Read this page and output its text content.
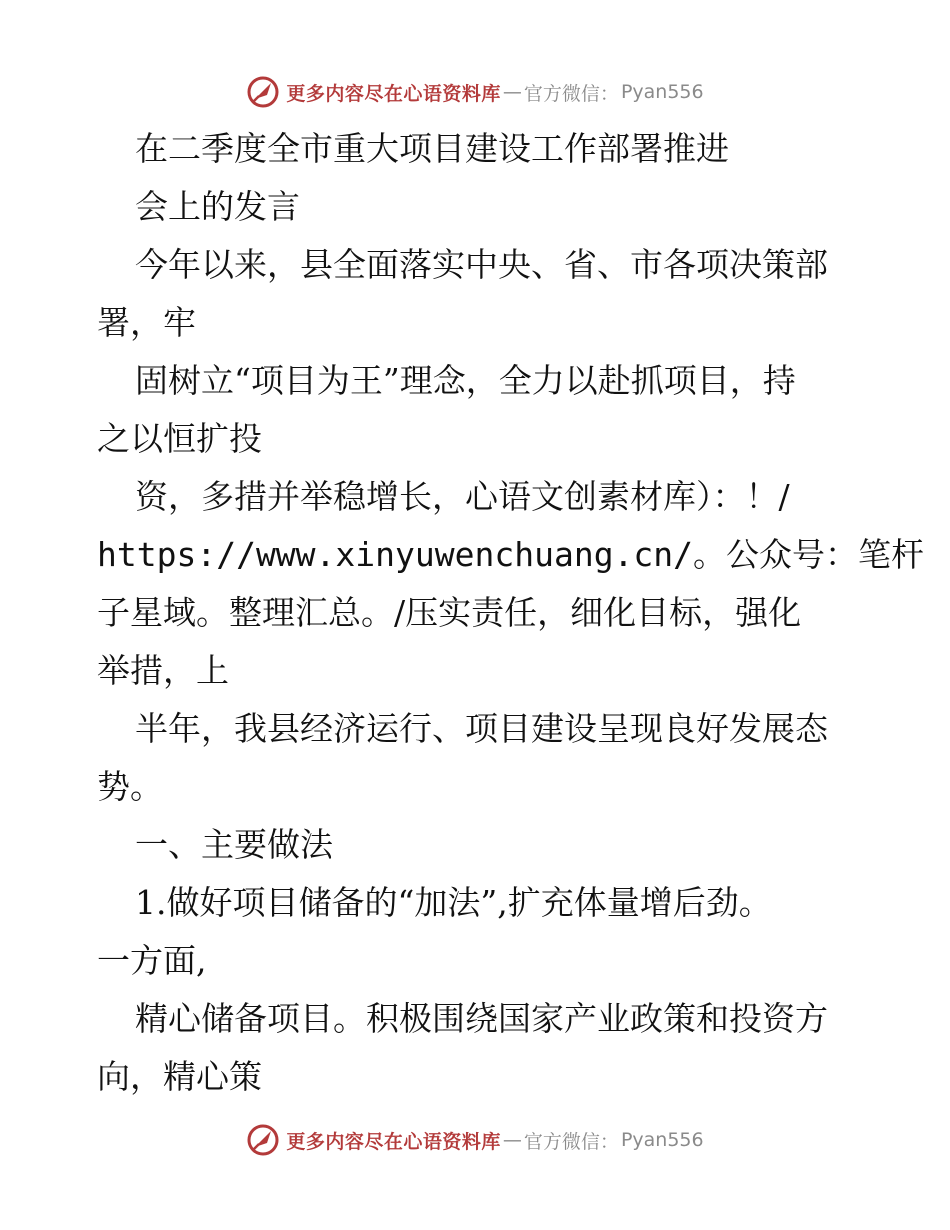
更多内容尽在心语资料库 — 官方微信： Pyan556
在二季度全市重大项目建设工作部署推进
会上的发言
今年以来，县全面落实中央、省、市各项决策部
署，牢
固树立“项目为王”理念，全力以赴抓项目，持
之以恒扩投
资，多措并举稳增长，心语文创素材库）：！/
https://www.xinyuwenchuang.cn/。公众号：笔杆
子星域。整理汇总。/压实责任，细化目标，强化
举措，上
半年，我县经济运行、项目建设呈现良好发展态
势。
一、主要做法
1.做好项目储备的“加法”,扩充体量增后劲。
一方面,
精心储备项目。积极围绕国家产业政策和投资方
向，精心策
更多内容尽在心语资料库 — 官方微信： Pyan556
